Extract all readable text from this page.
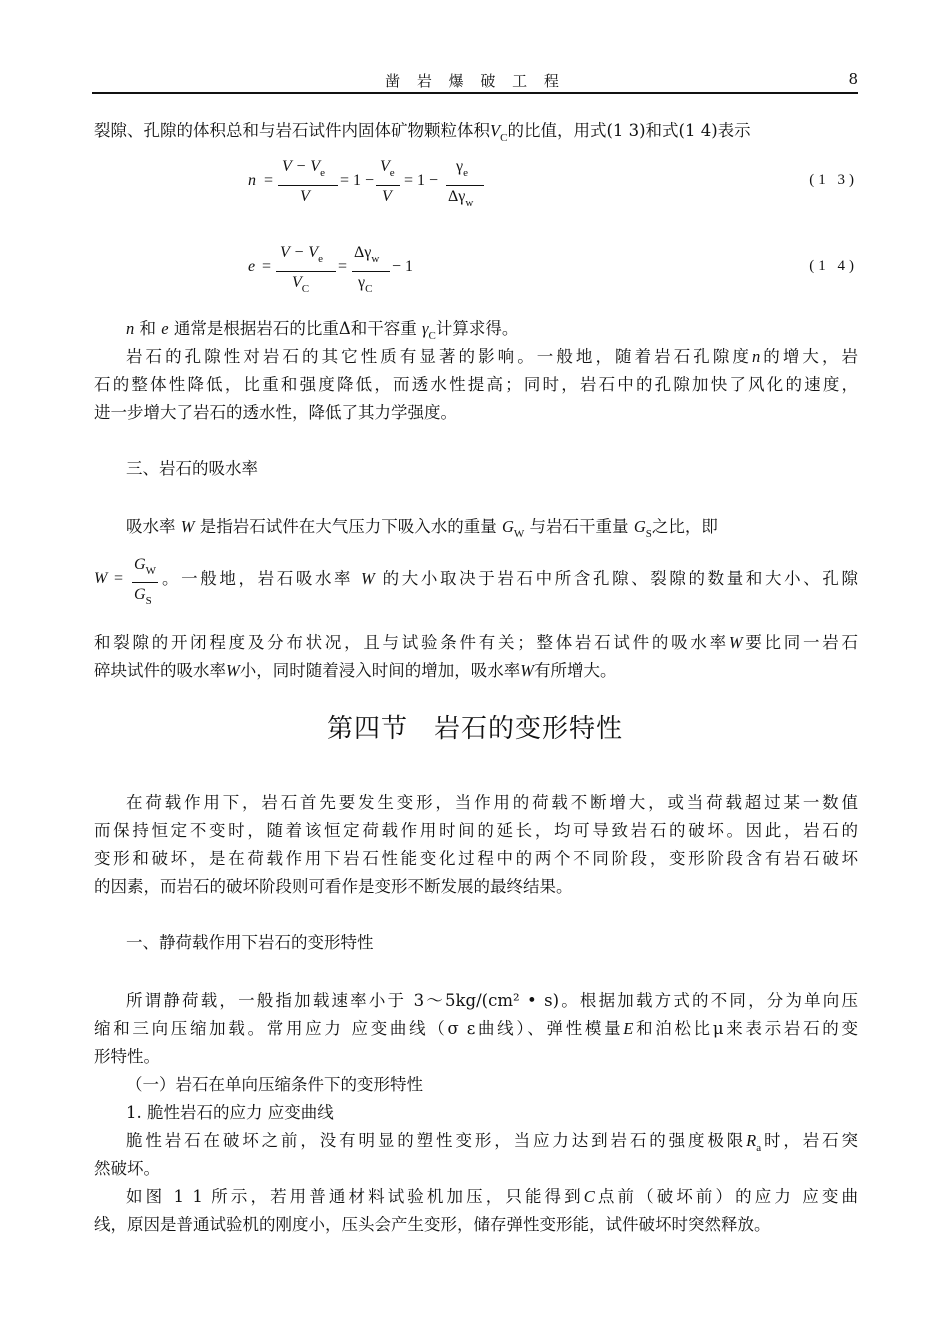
凿 岩 爆 破 工 程	8
裂隙、孔隙的体积总和与岩石试件内固体矿物颗粒体积$V_C$的比值，用式(1 3)和式(1 4)表示
n =
$V - V_e$
V
= 1 −
$V_e$
V
= 1 −
$\gamma_e$
$\Delta\gamma_w$
(1 3)
e =
$V - V_e$
$V_C$
=
$\Delta\gamma_w$
$\gamma_C$
− 1	(1 4)
n 和 e 通常是根据岩石的比重Δ和干容重 $\gamma_C$计算求得。
岩石的孔隙性对岩石的其它性质有显著的影响。一般地，随着岩石孔隙度n的增大，岩
石的整体性降低，比重和强度降低，而透水性提高；同时，岩石中的孔隙加快了风化的速度，
进一步增大了岩石的透水性，降低了其力学强度。
三、岩石的吸水率
吸水率 W 是指岩石试件在大气压力下吸入水的重量 $G_W$ 与岩石干重量 $G_S$之比，即
W =
$G_W$
$G_S$
。一般地，岩石吸水率 W 的大小取决于岩石中所含孔隙、裂隙的数量和大小、孔隙
和裂隙的开闭程度及分布状况，且与试验条件有关；整体岩石试件的吸水率W要比同一岩石
碎块试件的吸水率W小，同时随着浸入时间的增加，吸水率W有所增大。
第四节 岩石的变形特性
在荷载作用下，岩石首先要发生变形，当作用的荷载不断增大，或当荷载超过某一数值
而保持恒定不变时，随着该恒定荷载作用时间的延长，均可导致岩石的破坏。因此，岩石的
变形和破坏，是在荷载作用下岩石性能变化过程中的两个不同阶段，变形阶段含有岩石破坏
的因素，而岩石的破坏阶段则可看作是变形不断发展的最终结果。
一、静荷载作用下岩石的变形特性
所谓静荷载，一般指加载速率小于 3～5kg/(cm² • s)。根据加载方式的不同，分为单向压
缩和三向压缩加载。常用应力 应变曲线（σ ε曲线）、弹性模量E和泊松比μ来表示岩石的变
形特性。
（一）岩石在单向压缩条件下的变形特性
1. 脆性岩石的应力 应变曲线
脆性岩石在破坏之前，没有明显的塑性变形，当应力达到岩石的强度极限$R_a$时，岩石突
然破坏。
如图 1 1 所示，若用普通材料试验机加压，只能得到C点前（破坏前）的应力 应变曲
线，原因是普通试验机的刚度小，压头会产生变形，储存弹性变形能，试件破坏时突然释放。
